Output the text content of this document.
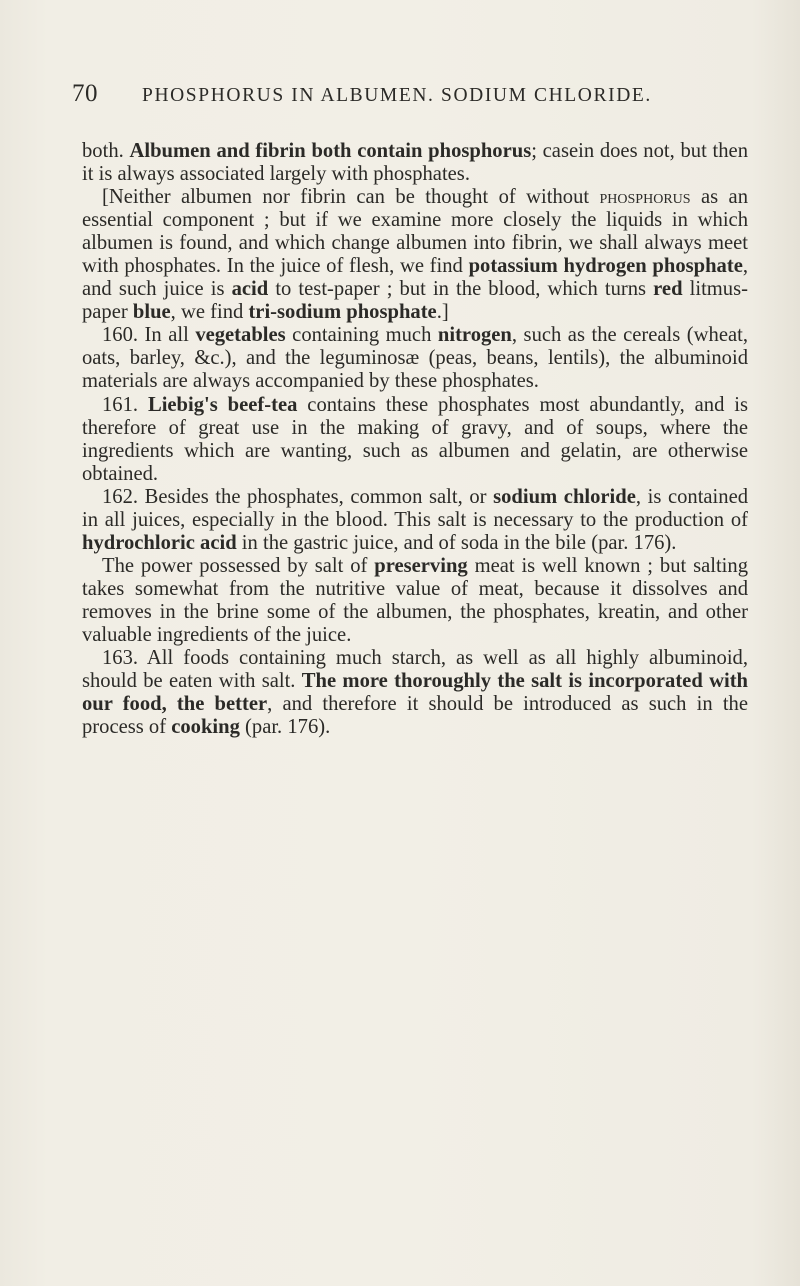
70 PHOSPHORUS IN ALBUMEN. SODIUM CHLORIDE.

both. Albumen and fibrin both contain phosphorus; casein does not, but then it is always associated largely with phosphates.

[Neither albumen nor fibrin can be thought of without phosphorus as an essential component ; but if we examine more closely the liquids in which albumen is found, and which change albumen into fibrin, we shall always meet with phosphates. In the juice of flesh, we find potassium hydrogen phosphate, and such juice is acid to test-paper ; but in the blood, which turns red litmus-paper blue, we find tri-sodium phosphate.]

160. In all vegetables containing much nitrogen, such as the cereals (wheat, oats, barley, &c.), and the leguminosæ (peas, beans, lentils), the albuminoid materials are always accompanied by these phosphates.

161. Liebig's beef-tea contains these phosphates most abundantly, and is therefore of great use in the making of gravy, and of soups, where the ingredients which are wanting, such as albumen and gelatin, are otherwise obtained.

162. Besides the phosphates, common salt, or sodium chloride, is contained in all juices, especially in the blood. This salt is necessary to the production of hydrochloric acid in the gastric juice, and of soda in the bile (par. 176).

The power possessed by salt of preserving meat is well known ; but salting takes somewhat from the nutritive value of meat, because it dissolves and removes in the brine some of the albumen, the phosphates, kreatin, and other valuable ingredients of the juice.

163. All foods containing much starch, as well as all highly albuminoid, should be eaten with salt. The more thoroughly the salt is incorporated with our food, the better, and therefore it should be introduced as such in the process of cooking (par. 176).
